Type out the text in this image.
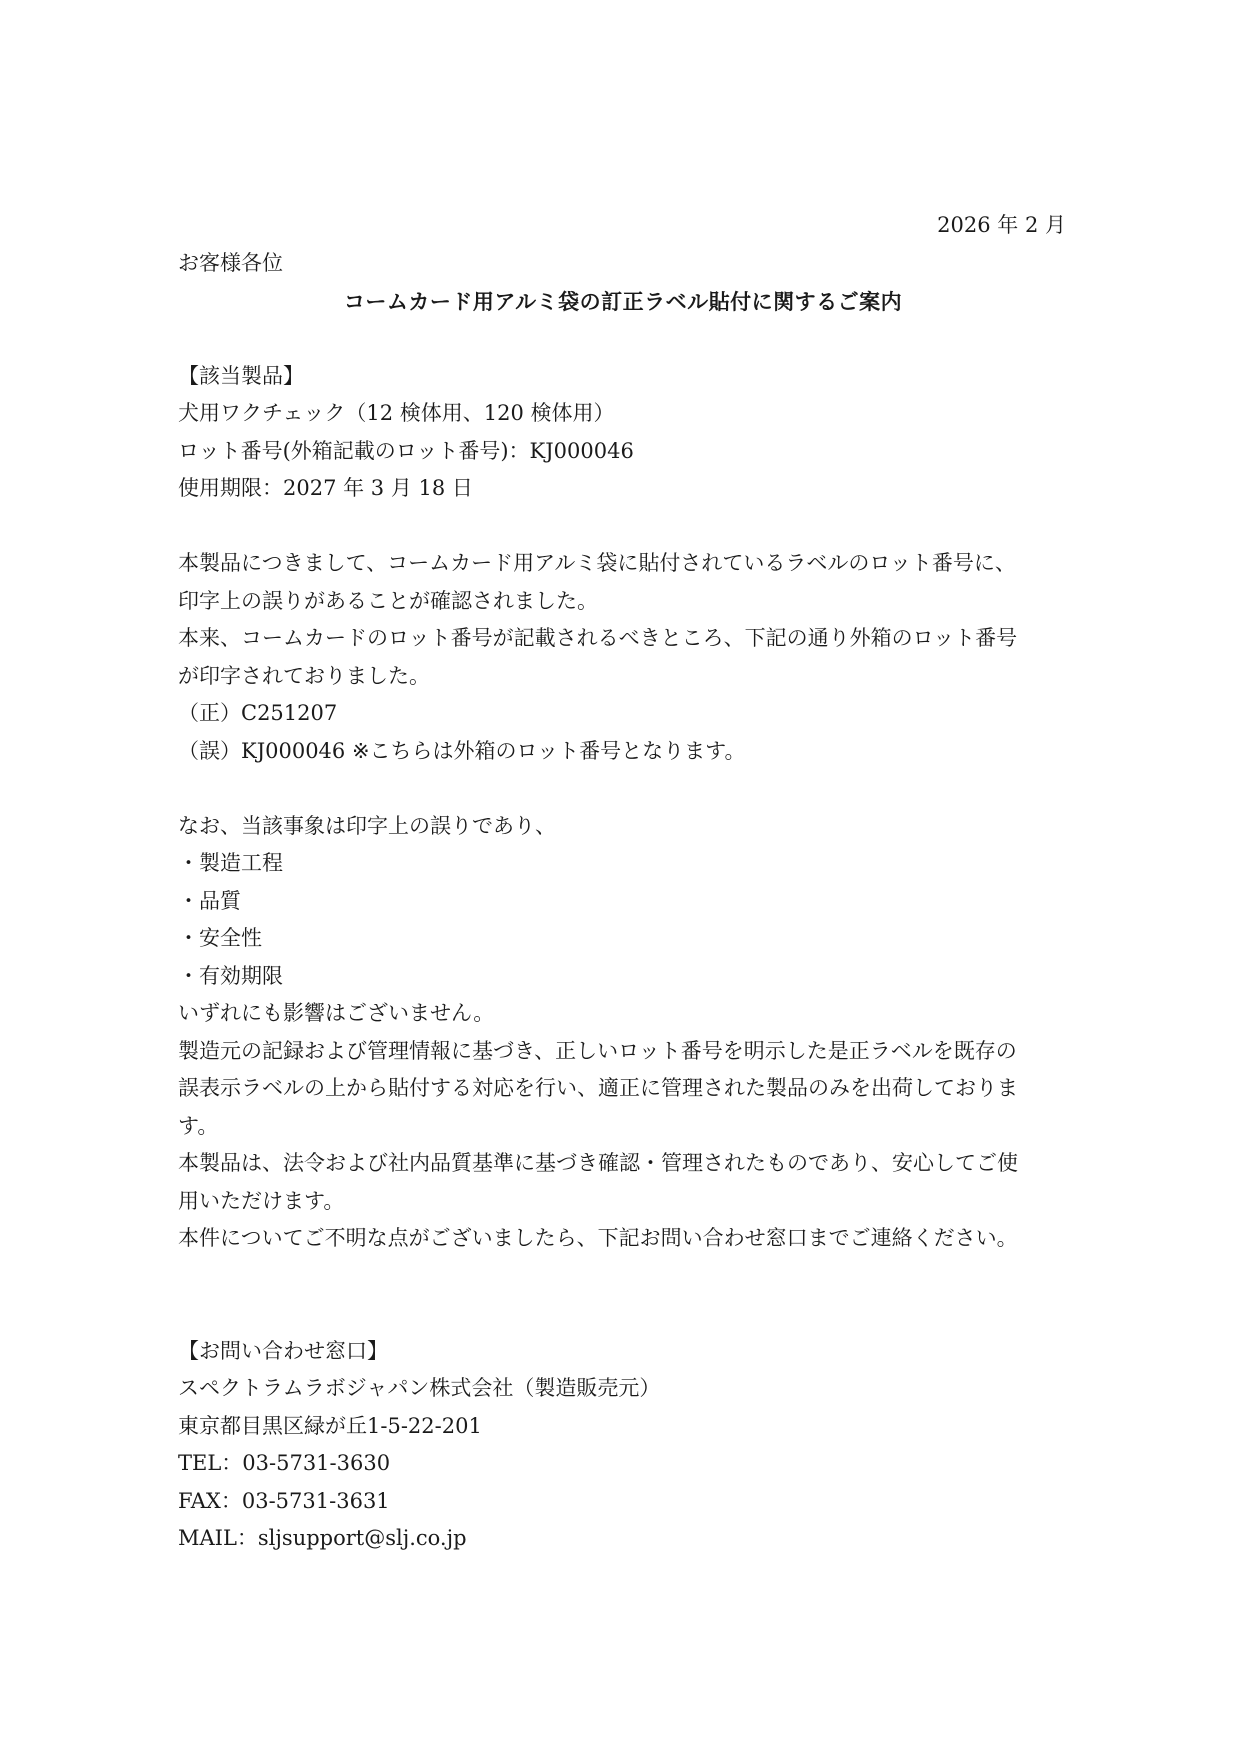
2026 年 2 月
お客様各位
コームカード用アルミ袋の訂正ラベル貼付に関するご案内
【該当製品】
犬用ワクチェック（12 検体用、120 検体用）
ロット番号(外箱記載のロット番号)：KJ000046
使用期限：2027 年 3 月 18 日
本製品につきまして、コームカード用アルミ袋に貼付されているラベルのロット番号に、
印字上の誤りがあることが確認されました。
本来、コームカードのロット番号が記載されるべきところ、下記の通り外箱のロット番号
が印字されておりました。
（正）C251207
（誤）KJ000046 ※こちらは外箱のロット番号となります。
なお、当該事象は印字上の誤りであり、
・製造工程
・品質
・安全性
・有効期限
いずれにも影響はございません。
製造元の記録および管理情報に基づき、正しいロット番号を明示した是正ラベルを既存の
誤表示ラベルの上から貼付する対応を行い、適正に管理された製品のみを出荷しておりま
す。
本製品は、法令および社内品質基準に基づき確認・管理されたものであり、安心してご使
用いただけます。
本件についてご不明な点がございましたら、下記お問い合わせ窓口までご連絡ください。
【お問い合わせ窓口】
スペクトラムラボジャパン株式会社（製造販売元）
東京都目黒区緑が丘1-5-22-201
TEL：03-5731-3630
FAX：03-5731-3631
MAIL：sljsupport@slj.co.jp
